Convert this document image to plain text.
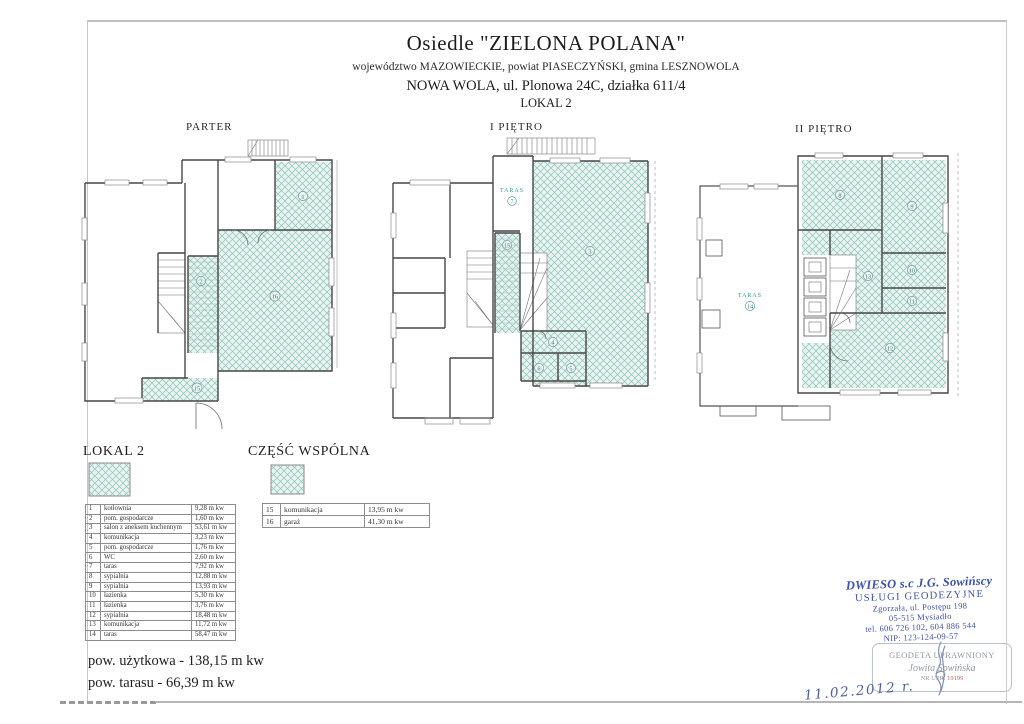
Osiedle "ZIELONA POLANA"
województwo MAZOWIECKIE, powiat PIASECZYŃSKI, gmina LESZNOWOLA
NOWA WOLA, ul. Plonowa 24C, działka 611/4
LOKAL 2
PARTER	I PIĘTRO	II PIĘTRO
1
2
16
15
TARAS
7
15
3
4
6	5
TARAS
14
8
9
13
10
11
12
LOKAL 2	CZĘŚĆ WSPÓLNA
1	kotłownia	9,28 m kw
2	pom. gospodarcze	1,60 m kw
3	salon z aneksem kuchennym	53,61 m kw
4	komunikacja	3,23 m kw
5	pom. gospodarcze	1,76 m kw
6	WC	2,60 m kw
7	taras	7,92 m kw
8	sypialnia	12,88 m kw
9	sypialnia	13,93 m kw
10	łazienka	5,30 m kw
11	łazienka	3,76 m kw
12	sypialnia	18,48 m kw
13	komunikacja	11,72 m kw
14	taras	58,47 m kw
15	komunikacja	13,95 m kw
16	garaż	41,30 m kw
pow. użytkowa - 138,15 m kw
pow. tarasu - 66,39 m kw
DWIESO s.c J.G. Sowińscy
USŁUGI GEODEZYJNE
Zgorzała, ul. Postępu 198
05-515 Mysiadło
tel. 606 726 102, 604 886 544
NIP: 123-124-09-57
GEODETA UPRAWNIONY
Jowita Sowińska
NR UPR. 19199
11.02.2012 r.
